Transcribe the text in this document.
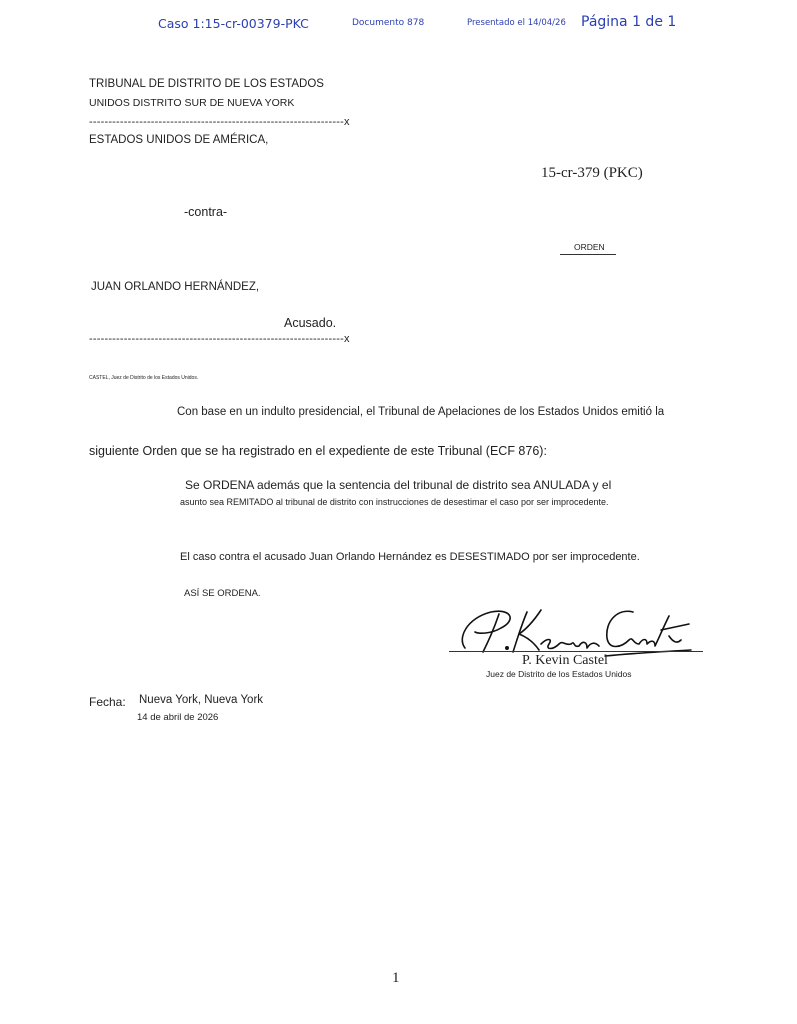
Caso 1:15-cr-00379-PKC	Documento 878	Presentado el 14/04/26 Página 1 de 1
TRIBUNAL DE DISTRITO DE LOS ESTADOS
UNIDOS DISTRITO SUR DE NUEVA YORK
------------------------------------------------------------------x
ESTADOS UNIDOS DE AMÉRICA,
15-cr-379 (PKC)
-contra-
ORDEN
JUAN ORLANDO HERNÁNDEZ,
Acusado.
------------------------------------------------------------------x
CASTEL, Juez de Distrito de los Estados Unidos.
Con base en un indulto presidencial, el Tribunal de Apelaciones de los Estados Unidos emitió la
siguiente Orden que se ha registrado en el expediente de este Tribunal (ECF 876):
Se ORDENA además que la sentencia del tribunal de distrito sea ANULADA y el
asunto sea REMITADO al tribunal de distrito con instrucciones de desestimar el caso por ser improcedente.
El caso contra el acusado Juan Orlando Hernández es DESESTIMADO por ser improcedente.
ASÍ SE ORDENA.
P. Kevin Castel
Juez de Distrito de los Estados Unidos
Fecha: Nueva York, Nueva York
14 de abril de 2026
1
